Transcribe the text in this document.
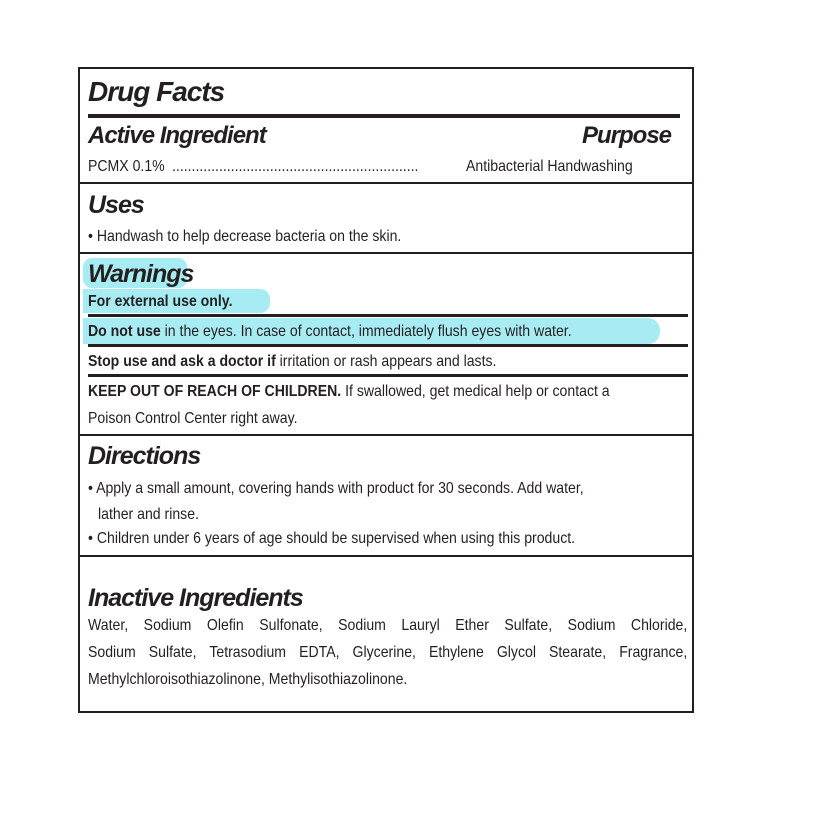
Drug Facts
Active Ingredient	Purpose
PCMX 0.1% ...............................................................	Antibacterial Handwashing
Uses
• Handwash to help decrease bacteria on the skin.
Warnings
For external use only.
Do not use in the eyes. In case of contact, immediately flush eyes with water.
Stop use and ask a doctor if irritation or rash appears and lasts.
KEEP OUT OF REACH OF CHILDREN. If swallowed, get medical help or contact a
Poison Control Center right away.
Directions
• Apply a small amount, covering hands with product for 30 seconds. Add water,
lather and rinse.
• Children under 6 years of age should be supervised when using this product.
Inactive Ingredients
Water, Sodium Olefin Sulfonate, Sodium Lauryl Ether Sulfate, Sodium Chloride,
Sodium Sulfate, Tetrasodium EDTA, Glycerine, Ethylene Glycol Stearate, Fragrance,
Methylchloroisothiazolinone, Methylisothiazolinone.
